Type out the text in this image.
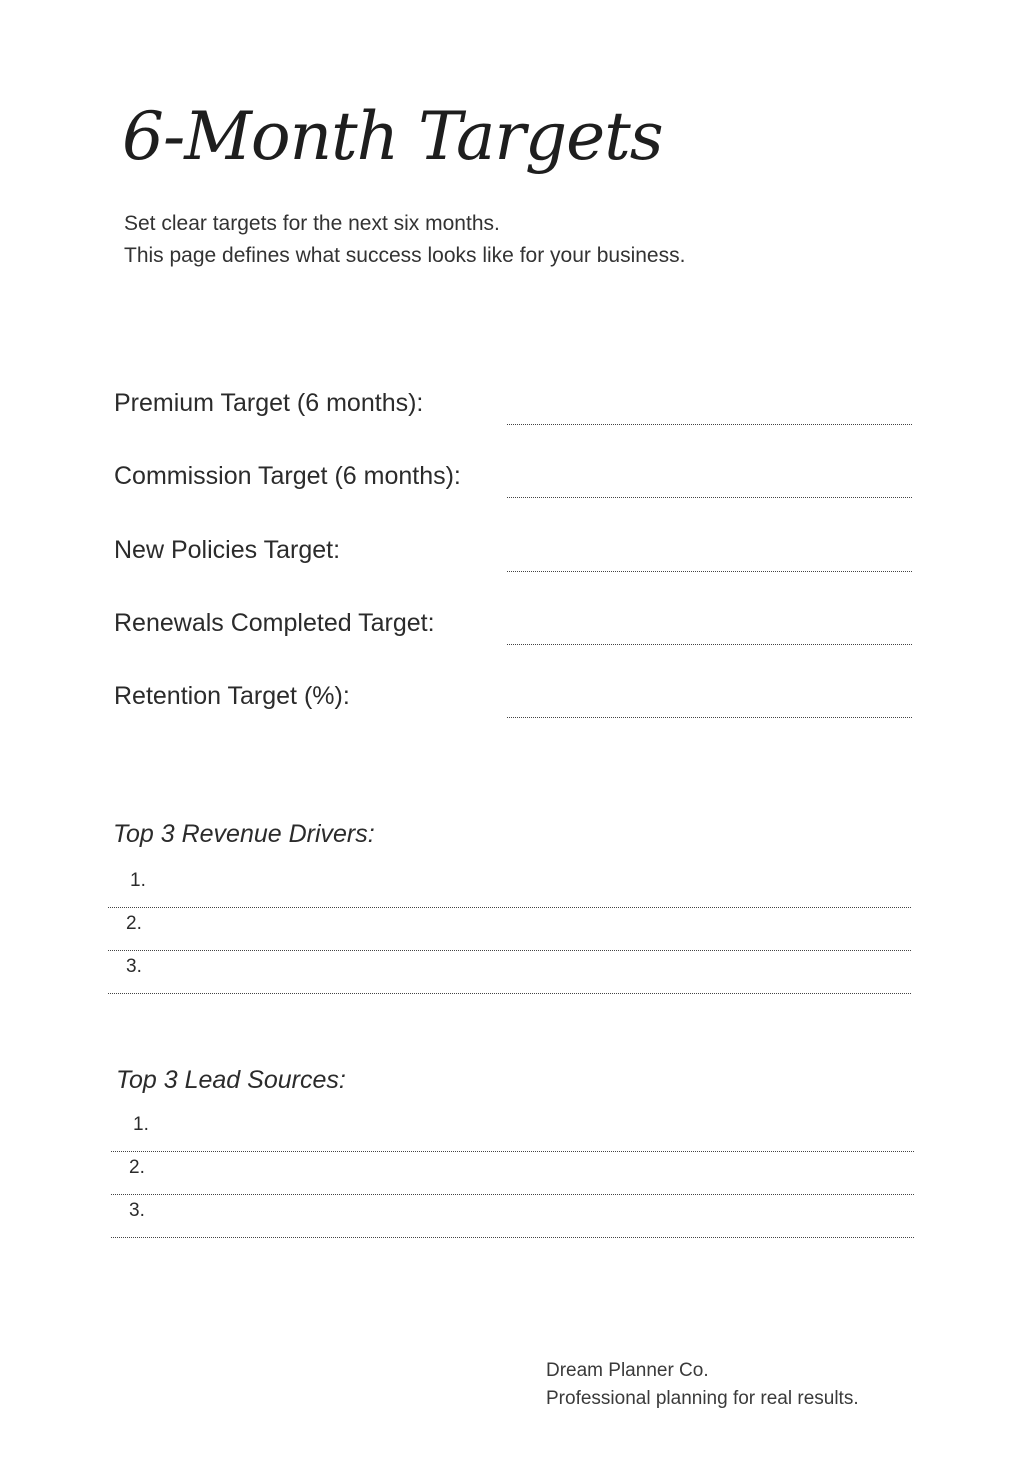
6-Month Targets
Set clear targets for the next six months.
This page defines what success looks like for your business.
Premium Target (6 months):
Commission Target (6 months):
New Policies Target:
Renewals Completed Target:
Retention Target (%):
Top 3 Revenue Drivers:
1.
2.
3.
Top 3 Lead Sources:
1.
2.
3.
Dream Planner Co.
Professional planning for real results.
